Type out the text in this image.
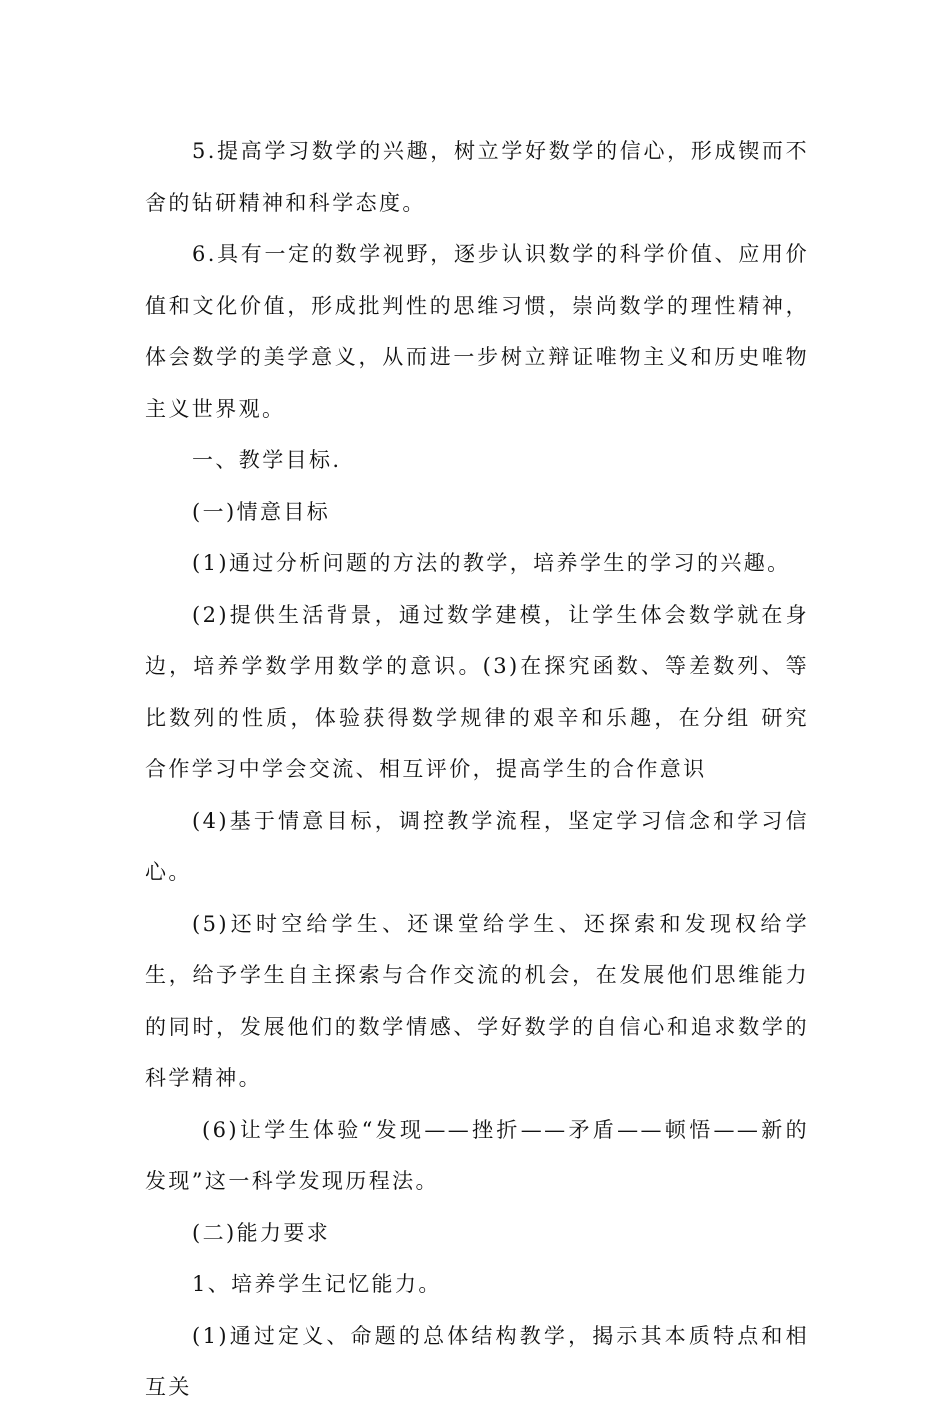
5.提高学习数学的兴趣，树立学好数学的信心，形成锲而不舍的钻研精神和科学态度。

6.具有一定的数学视野，逐步认识数学的科学价值、应用价值和文化价值，形成批判性的思维习惯，崇尚数学的理性精神，体会数学的美学意义，从而进一步树立辩证唯物主义和历史唯物主义世界观。

一、教学目标.

(一)情意目标

(1)通过分析问题的方法的教学，培养学生的学习的兴趣。

(2)提供生活背景，通过数学建模，让学生体会数学就在身边，培养学数学用数学的意识。(3)在探究函数、等差数列、等比数列的性质，体验获得数学规律的艰辛和乐趣，在分组 研究合作学习中学会交流、相互评价，提高学生的合作意识

(4)基于情意目标，调控教学流程，坚定学习信念和学习信心。

(5)还时空给学生、还课堂给学生、还探索和发现权给学生，给予学生自主探索与合作交流的机会，在发展他们思维能力的同时，发展他们的数学情感、学好数学的自信心和追求数学的科学精神。

(6)让学生体验“发现——挫折——矛盾——顿悟——新的发现”这一科学发现历程法。

(二)能力要求

1、培养学生记忆能力。

(1)通过定义、命题的总体结构教学，揭示其本质特点和相互关
